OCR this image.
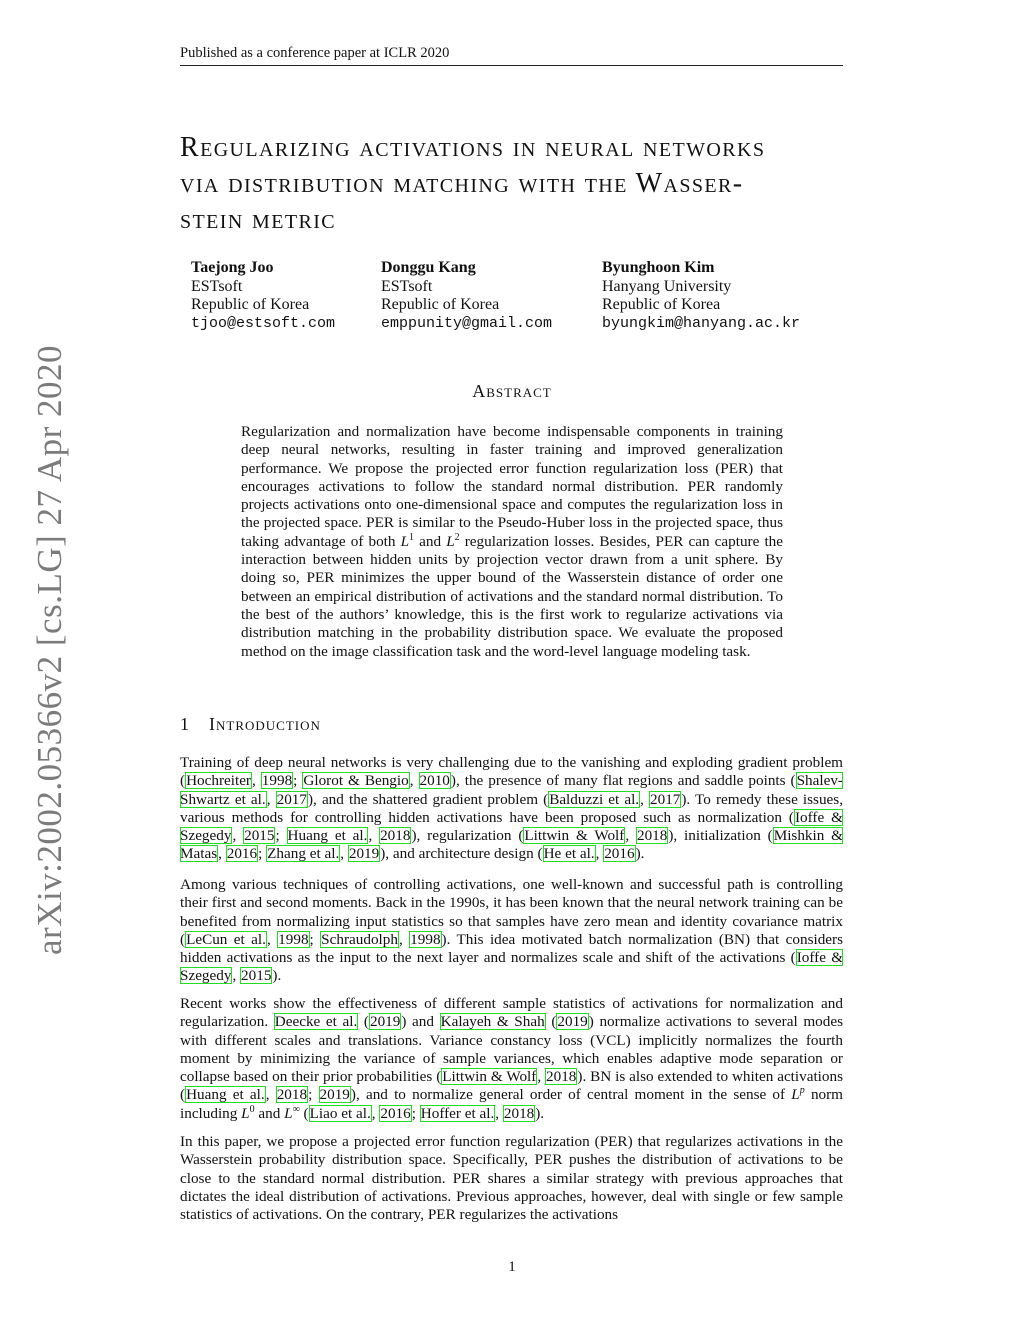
Published as a conference paper at ICLR 2020
arXiv:2002.05366v2 [cs.LG] 27 Apr 2020
Regularizing activations in neural networks
via distribution matching with the Wasser-
stein metric
Taejong Joo
ESTsoft
Republic of Korea
tjoo@estsoft.com
Donggu Kang
ESTsoft
Republic of Korea
emppunity@gmail.com
Byunghoon Kim
Hanyang University
Republic of Korea
byungkim@hanyang.ac.kr
Abstract

Regularization and normalization have become indispensable components in training deep neural networks, resulting in faster training and improved generalization performance. We propose the projected error function regularization loss (PER) that encourages activations to follow the standard normal distribution. PER randomly projects activations onto one-dimensional space and computes the regularization loss in the projected space. PER is similar to the Pseudo-Huber loss in the projected space, thus taking advantage of both $L^1$ and $L^2$ regularization losses. Besides, PER can capture the interaction between hidden units by projection vector drawn from a unit sphere. By doing so, PER minimizes the upper bound of the Wasserstein distance of order one between an empirical distribution of activations and the standard normal distribution. To the best of the authors’ knowledge, this is the first work to regularize activations via distribution matching in the probability distribution space. We evaluate the proposed method on the image classification task and the word-level language modeling task.

1 Introduction

Training of deep neural networks is very challenging due to the vanishing and exploding gradient problem (Hochreiter, 1998; Glorot & Bengio, 2010), the presence of many flat regions and saddle points (Shalev-Shwartz et al., 2017), and the shattered gradient problem (Balduzzi et al., 2017). To remedy these issues, various methods for controlling hidden activations have been proposed such as normalization (Ioffe & Szegedy, 2015; Huang et al., 2018), regularization (Littwin & Wolf, 2018), initialization (Mishkin & Matas, 2016; Zhang et al., 2019), and architecture design (He et al., 2016).

Among various techniques of controlling activations, one well-known and successful path is controlling their first and second moments. Back in the 1990s, it has been known that the neural network training can be benefited from normalizing input statistics so that samples have zero mean and identity covariance matrix (LeCun et al., 1998; Schraudolph, 1998). This idea motivated batch normalization (BN) that considers hidden activations as the input to the next layer and normalizes scale and shift of the activations (Ioffe & Szegedy, 2015).

Recent works show the effectiveness of different sample statistics of activations for normalization and regularization. Deecke et al. (2019) and Kalayeh & Shah (2019) normalize activations to several modes with different scales and translations. Variance constancy loss (VCL) implicitly normalizes the fourth moment by minimizing the variance of sample variances, which enables adaptive mode separation or collapse based on their prior probabilities (Littwin & Wolf, 2018). BN is also extended to whiten activations (Huang et al., 2018; 2019), and to normalize general order of central moment in the sense of $L^p$ norm including $L^0$ and L∞ (Liao et al., 2016; Hoffer et al., 2018).

In this paper, we propose a projected error function regularization (PER) that regularizes activations in the Wasserstein probability distribution space. Specifically, PER pushes the distribution of activations to be close to the standard normal distribution. PER shares a similar strategy with previous approaches that dictates the ideal distribution of activations. Previous approaches, however, deal with single or few sample statistics of activations. On the contrary, PER regularizes the activations

1
